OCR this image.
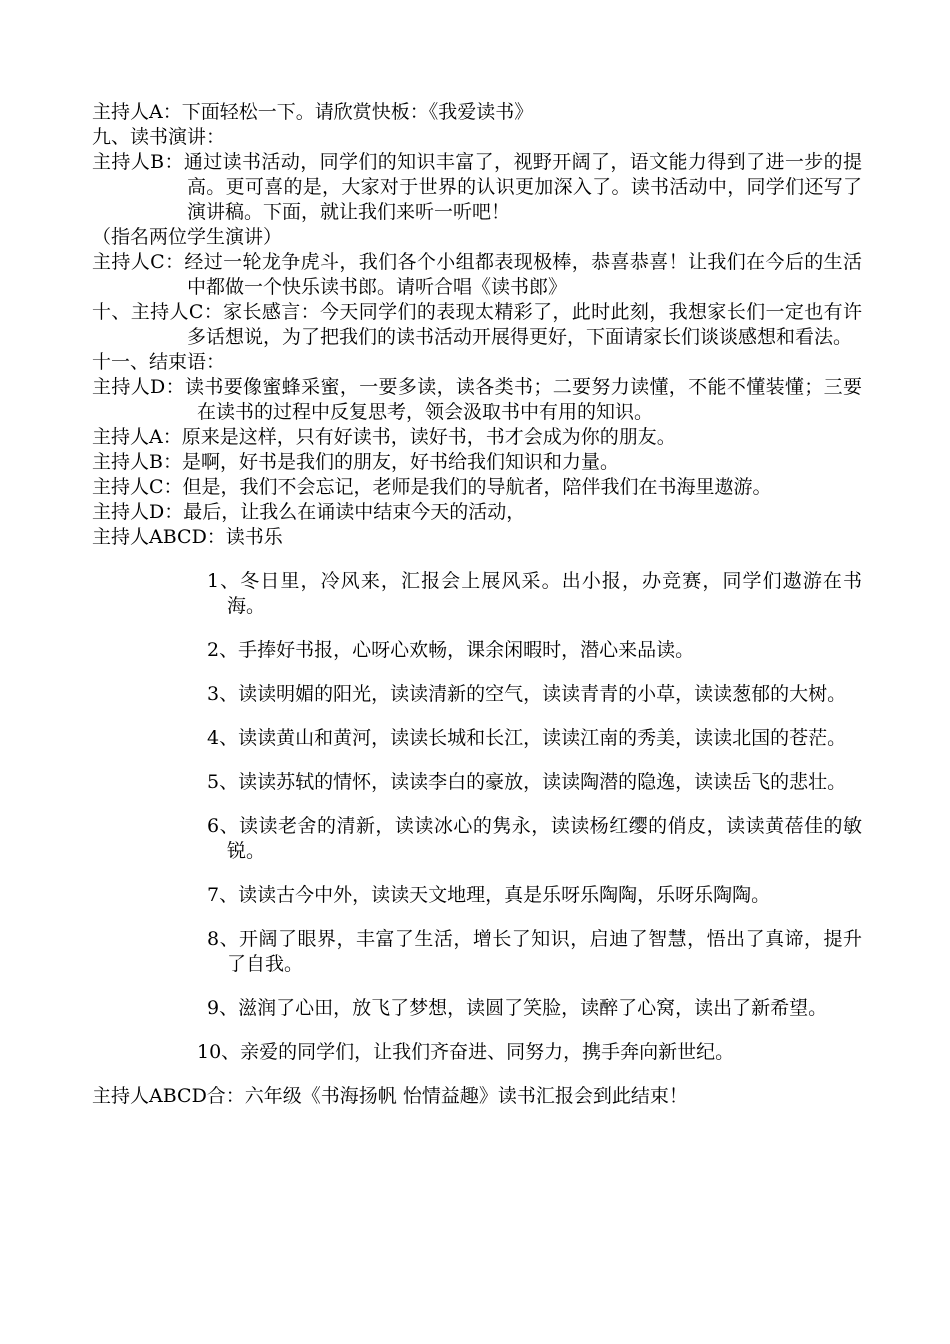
主持人A：下面轻松一下。请欣赏快板：《我爱读书》

九、读书演讲：

主持人B：通过读书活动，同学们的知识丰富了，视野开阔了，语文能力得到了进一步的提高。更可喜的是，大家对于世界的认识更加深入了。读书活动中，同学们还写了演讲稿。下面，就让我们来听一听吧！

（指名两位学生演讲）

主持人C：经过一轮龙争虎斗，我们各个小组都表现极棒，恭喜恭喜！让我们在今后的生活中都做一个快乐读书郎。请听合唱《读书郎》

十、主持人C：家长感言：今天同学们的表现太精彩了，此时此刻，我想家长们一定也有许多话想说，为了把我们的读书活动开展得更好，下面请家长们谈谈感想和看法。

十一、结束语：

主持人D：读书要像蜜蜂采蜜，一要多读，读各类书；二要努力读懂，不能不懂装懂；三要在读书的过程中反复思考，领会汲取书中有用的知识。

主持人A：原来是这样，只有好读书，读好书，书才会成为你的朋友。

主持人B：是啊，好书是我们的朋友，好书给我们知识和力量。

主持人C：但是，我们不会忘记，老师是我们的导航者，陪伴我们在书海里遨游。

主持人D：最后，让我么在诵读中结束今天的活动，

主持人ABCD：读书乐

1、冬日里，冷风来，汇报会上展风采。出小报，办竞赛，同学们遨游在书海。

2、手捧好书报，心呀心欢畅，课余闲暇时，潜心来品读。

3、读读明媚的阳光，读读清新的空气，读读青青的小草，读读葱郁的大树。

4、读读黄山和黄河，读读长城和长江，读读江南的秀美，读读北国的苍茫。

5、读读苏轼的情怀，读读李白的豪放，读读陶潜的隐逸，读读岳飞的悲壮。

6、读读老舍的清新，读读冰心的隽永，读读杨红缨的俏皮，读读黄蓓佳的敏锐。

7、读读古今中外，读读天文地理，真是乐呀乐陶陶，乐呀乐陶陶。

8、开阔了眼界，丰富了生活，增长了知识，启迪了智慧，悟出了真谛，提升了自我。

9、滋润了心田，放飞了梦想，读圆了笑脸，读醉了心窝，读出了新希望。

10、亲爱的同学们，让我们齐奋进、同努力，携手奔向新世纪。

主持人ABCD合：六年级《书海扬帆 怡情益趣》读书汇报会到此结束！
